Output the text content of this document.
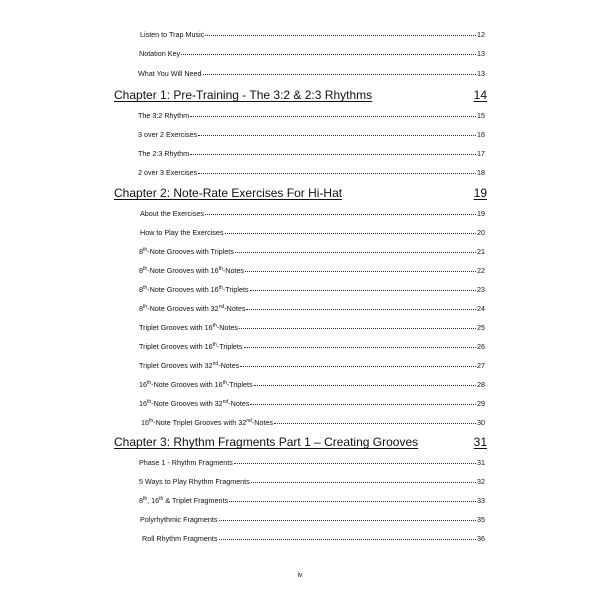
Listen to Trap Music	12
Notation Key	13
What You Will Need	13
Chapter 1: Pre-Training - The 3:2 & 2:3 Rhythms	14
The 3:2 Rhythm	15
3 over 2 Exercises	16
The 2:3 Rhythm	17
2 over 3 Exercises	18
Chapter 2: Note-Rate Exercises For Hi-Hat	19
About the Exercises	19
How to Play the Exercises	20
8th-Note Grooves with Triplets	21
8th-Note Grooves with 16th-Notes	22
8th-Note Grooves with 16th-Triplets	23
8th-Note Grooves with 32nd-Notes	24
Triplet Grooves with 16th-Notes	25
Triplet Grooves with 16th-Triplets	26
Triplet Grooves with 32nd-Notes	27
16th-Note Grooves with 16th-Triplets	28
16th-Note Grooves with 32nd-Notes	29
16th-Note Triplet Grooves with 32nd-Notes	30
Chapter 3: Rhythm Fragments Part 1 – Creating Grooves	31
Phase 1 - Rhythm Fragments	31
5 Ways to Play Rhythm Fragments	32
8th, 16th & Triplet Fragments	33
Polyrhythmic Fragments	35
Roll Rhythm Fragments	36
iv
